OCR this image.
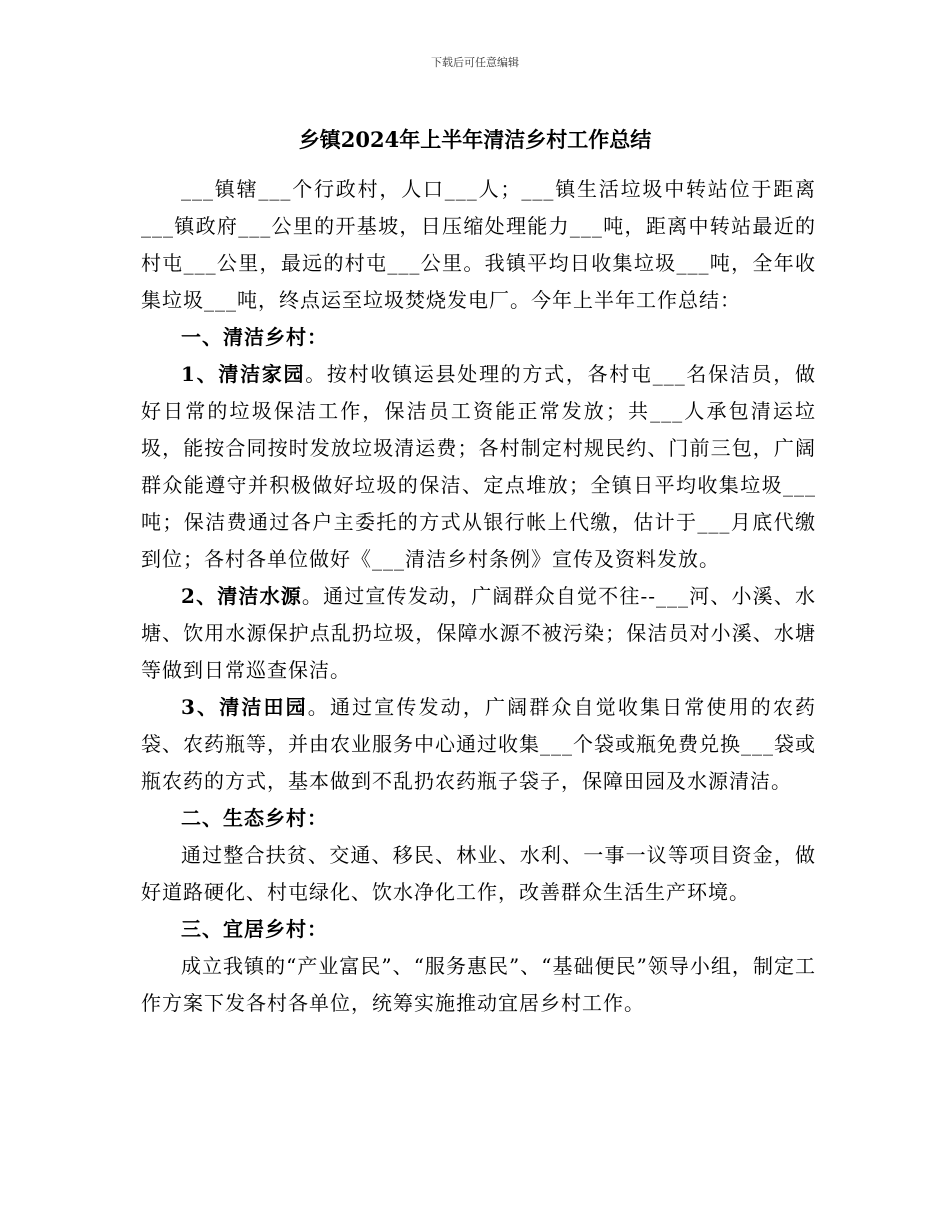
下载后可任意编辑
乡镇2024年上半年清洁乡村工作总结

___镇辖___个行政村，人口___人；___镇生活垃圾中转站位于距离___镇政府___公里的开基坡，日压缩处理能力___吨，距离中转站最近的村屯___公里，最远的村屯___公里。我镇平均日收集垃圾___吨，全年收集垃圾___吨，终点运至垃圾焚烧发电厂。今年上半年工作总结：

一、清洁乡村：

1、清洁家园。按村收镇运县处理的方式，各村屯___名保洁员，做好日常的垃圾保洁工作，保洁员工资能正常发放；共___人承包清运垃圾，能按合同按时发放垃圾清运费；各村制定村规民约、门前三包，广阔群众能遵守并积极做好垃圾的保洁、定点堆放；全镇日平均收集垃圾___吨；保洁费通过各户主委托的方式从银行帐上代缴，估计于___月底代缴到位；各村各单位做好《___清洁乡村条例》宣传及资料发放。

2、清洁水源。通过宣传发动，广阔群众自觉不往--___河、小溪、水塘、饮用水源保护点乱扔垃圾，保障水源不被污染；保洁员对小溪、水塘等做到日常巡查保洁。

3、清洁田园。通过宣传发动，广阔群众自觉收集日常使用的农药袋、农药瓶等，并由农业服务中心通过收集___个袋或瓶免费兑换___袋或瓶农药的方式，基本做到不乱扔农药瓶子袋子，保障田园及水源清洁。

二、生态乡村：

通过整合扶贫、交通、移民、林业、水利、一事一议等项目资金，做好道路硬化、村屯绿化、饮水净化工作，改善群众生活生产环境。

三、宜居乡村：

成立我镇的“产业富民”、“服务惠民”、“基础便民”领导小组，制定工作方案下发各村各单位，统筹实施推动宜居乡村工作。
